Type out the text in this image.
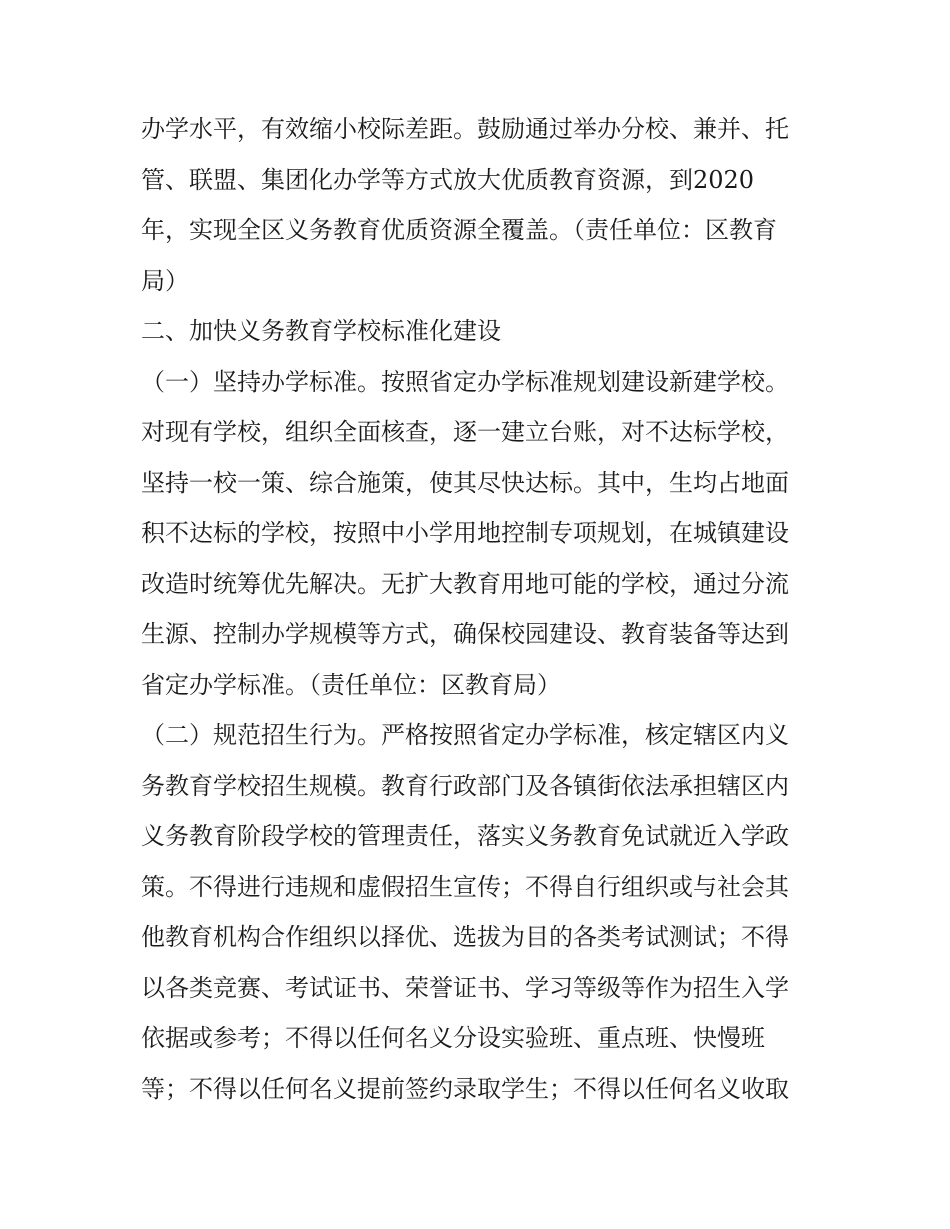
办学水平，有效缩小校际差距。鼓励通过举办分校、兼并、托
管、联盟、集团化办学等方式放大优质教育资源，到2020
年，实现全区义务教育优质资源全覆盖。（责任单位：区教育
局）
二、加快义务教育学校标准化建设
（一）坚持办学标准。按照省定办学标准规划建设新建学校。
对现有学校，组织全面核查，逐一建立台账，对不达标学校，
坚持一校一策、综合施策，使其尽快达标。其中，生均占地面
积不达标的学校，按照中小学用地控制专项规划，在城镇建设
改造时统筹优先解决。无扩大教育用地可能的学校，通过分流
生源、控制办学规模等方式，确保校园建设、教育装备等达到
省定办学标准。（责任单位：区教育局）
（二）规范招生行为。严格按照省定办学标准，核定辖区内义
务教育学校招生规模。教育行政部门及各镇街依法承担辖区内
义务教育阶段学校的管理责任，落实义务教育免试就近入学政
策。不得进行违规和虚假招生宣传；不得自行组织或与社会其
他教育机构合作组织以择优、选拔为目的各类考试测试；不得
以各类竞赛、考试证书、荣誉证书、学习等级等作为招生入学
依据或参考；不得以任何名义分设实验班、重点班、快慢班
等；不得以任何名义提前签约录取学生；不得以任何名义收取
